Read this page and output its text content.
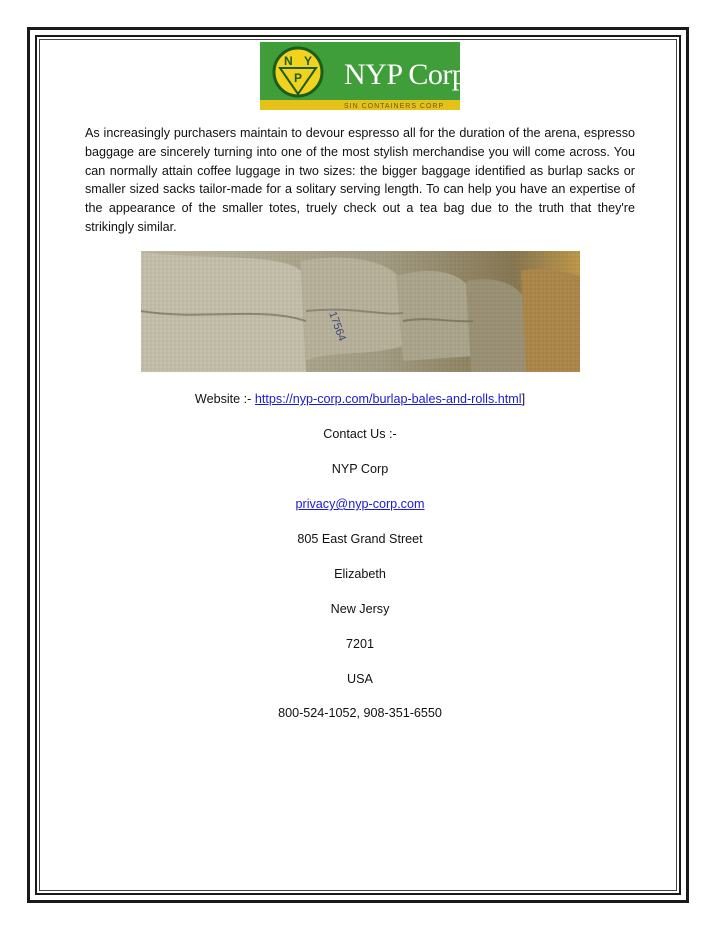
N Y
P NYP Corp.
SIN CONTAINERS CORP

As increasingly purchasers maintain to devour espresso all for the duration of the arena, espresso baggage are sincerely turning into one of the most stylish merchandise you will come across. You can normally attain coffee luggage in two sizes: the bigger baggage identified as burlap sacks or smaller sized sacks tailor-made for a solitary serving length. To can help you have an expertise of the appearance of the smaller totes, truely check out a tea bag due to the truth that they're strikingly similar.

17564
Website :- https://nyp-corp.com/burlap-bales-and-rolls.html]
Contact Us :-
NYP Corp
privacy@nyp-corp.com
805 East Grand Street
Elizabeth
New Jersy
7201
USA
800-524-1052, 908-351-6550
